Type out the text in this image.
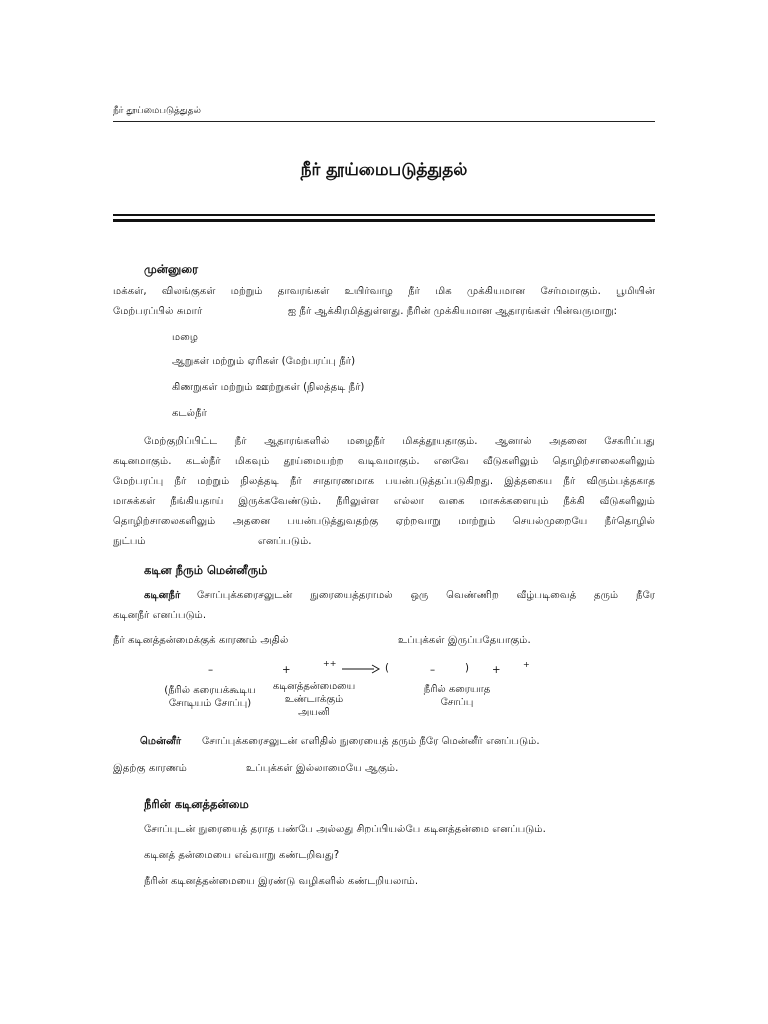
நீர் தூய்மைபடுத்துதல்
நீர் தூய்மைபடுத்துதல்
முன்னுரை
மக்கள், விலங்குகள் மற்றும் தாவரங்கள் உயிர்வாழ நீர் மிக முக்கியமான சேர்மமாகும். பூமியின்
மேற்பரப்பில் சுமார்	ஐ நீர் ஆக்கிரமித்துள்ளது. நீரின் முக்கியமான ஆதாரங்கள் பின்வருமாறு:
மழை
ஆறுகள் மற்றும் ஏரிகள் (மேற்பரப்பு நீர்)
கிணறுகள் மற்றும் ஊற்றுகள் (நிலத்தடி நீர்)
கடல்நீர்
மேற்குறிப்பிட்ட நீர் ஆதாரங்களில் மழைநீர் மிகத்தூயதாகும். ஆனால் அதனை சேகரிப்பது
கடினமாகும். கடல்நீர் மிகவும் தூய்மையற்ற வடிவமாகும். எனவே வீடுகளிலும் தொழிற்சாலைகளிலும்
மேற்பரப்பு நீர் மற்றும் நிலத்தடி நீர் சாதாரணமாக பயன்படுத்தப்படுகிறது. இத்தகைய நீர் விரும்பத்தகாத
மாசுக்கள் நீங்கியதாய் இருக்கவேண்டும். நீரிலுள்ள எல்லா வகை மாசுக்களையும் நீக்கி வீடுகளிலும்
தொழிற்சாலைகளிலும் அதனை பயன்படுத்துவதற்கு ஏற்றவாறு மாற்றும் செயல்முறையே நீர்தொழில்
நுட்பம்	எனப்படும்.
கடின நீரும் மென்னீரும்
கடினநீர் சோப்புக்கரைசலுடன் நுரையைத்தராமல் ஒரு வெண்ணிற வீழ்படிவைத் தரும் நீரே
கடினநீர் எனப்படும்.
நீர் கடினத்தன்மைக்குக் காரணம் அதில்	உப்புக்கள் இருப்பதேயாகும்.
–	+
++ → (	–	) +
+
(நீரில் கரையக்கூடிய
சோடியம் சோப்பு)
கடினத்தன்மையை
உண்டாக்கும்
அயனி
நீரில் கரையாத
சோப்பு
மென்னீர் சோப்புக்கரைசலுடன் எளிதில் நுரையைத் தரும் நீரே மென்னீர் எனப்படும்.
இதற்கு காரணம்	உப்புக்கள் இல்லாமையே ஆகும்.
நீரின் கடினத்தன்மை
சோப்புடன் நுரையைத் தராத பண்பே அல்லது சிறப்பியல்பே கடினத்தன்மை எனப்படும்.
கடினத் தன்மையை எவ்வாறு கண்டறிவது?
நீரின் கடினத்தன்மையை இரண்டு வழிகளில் கண்டறியலாம்.
